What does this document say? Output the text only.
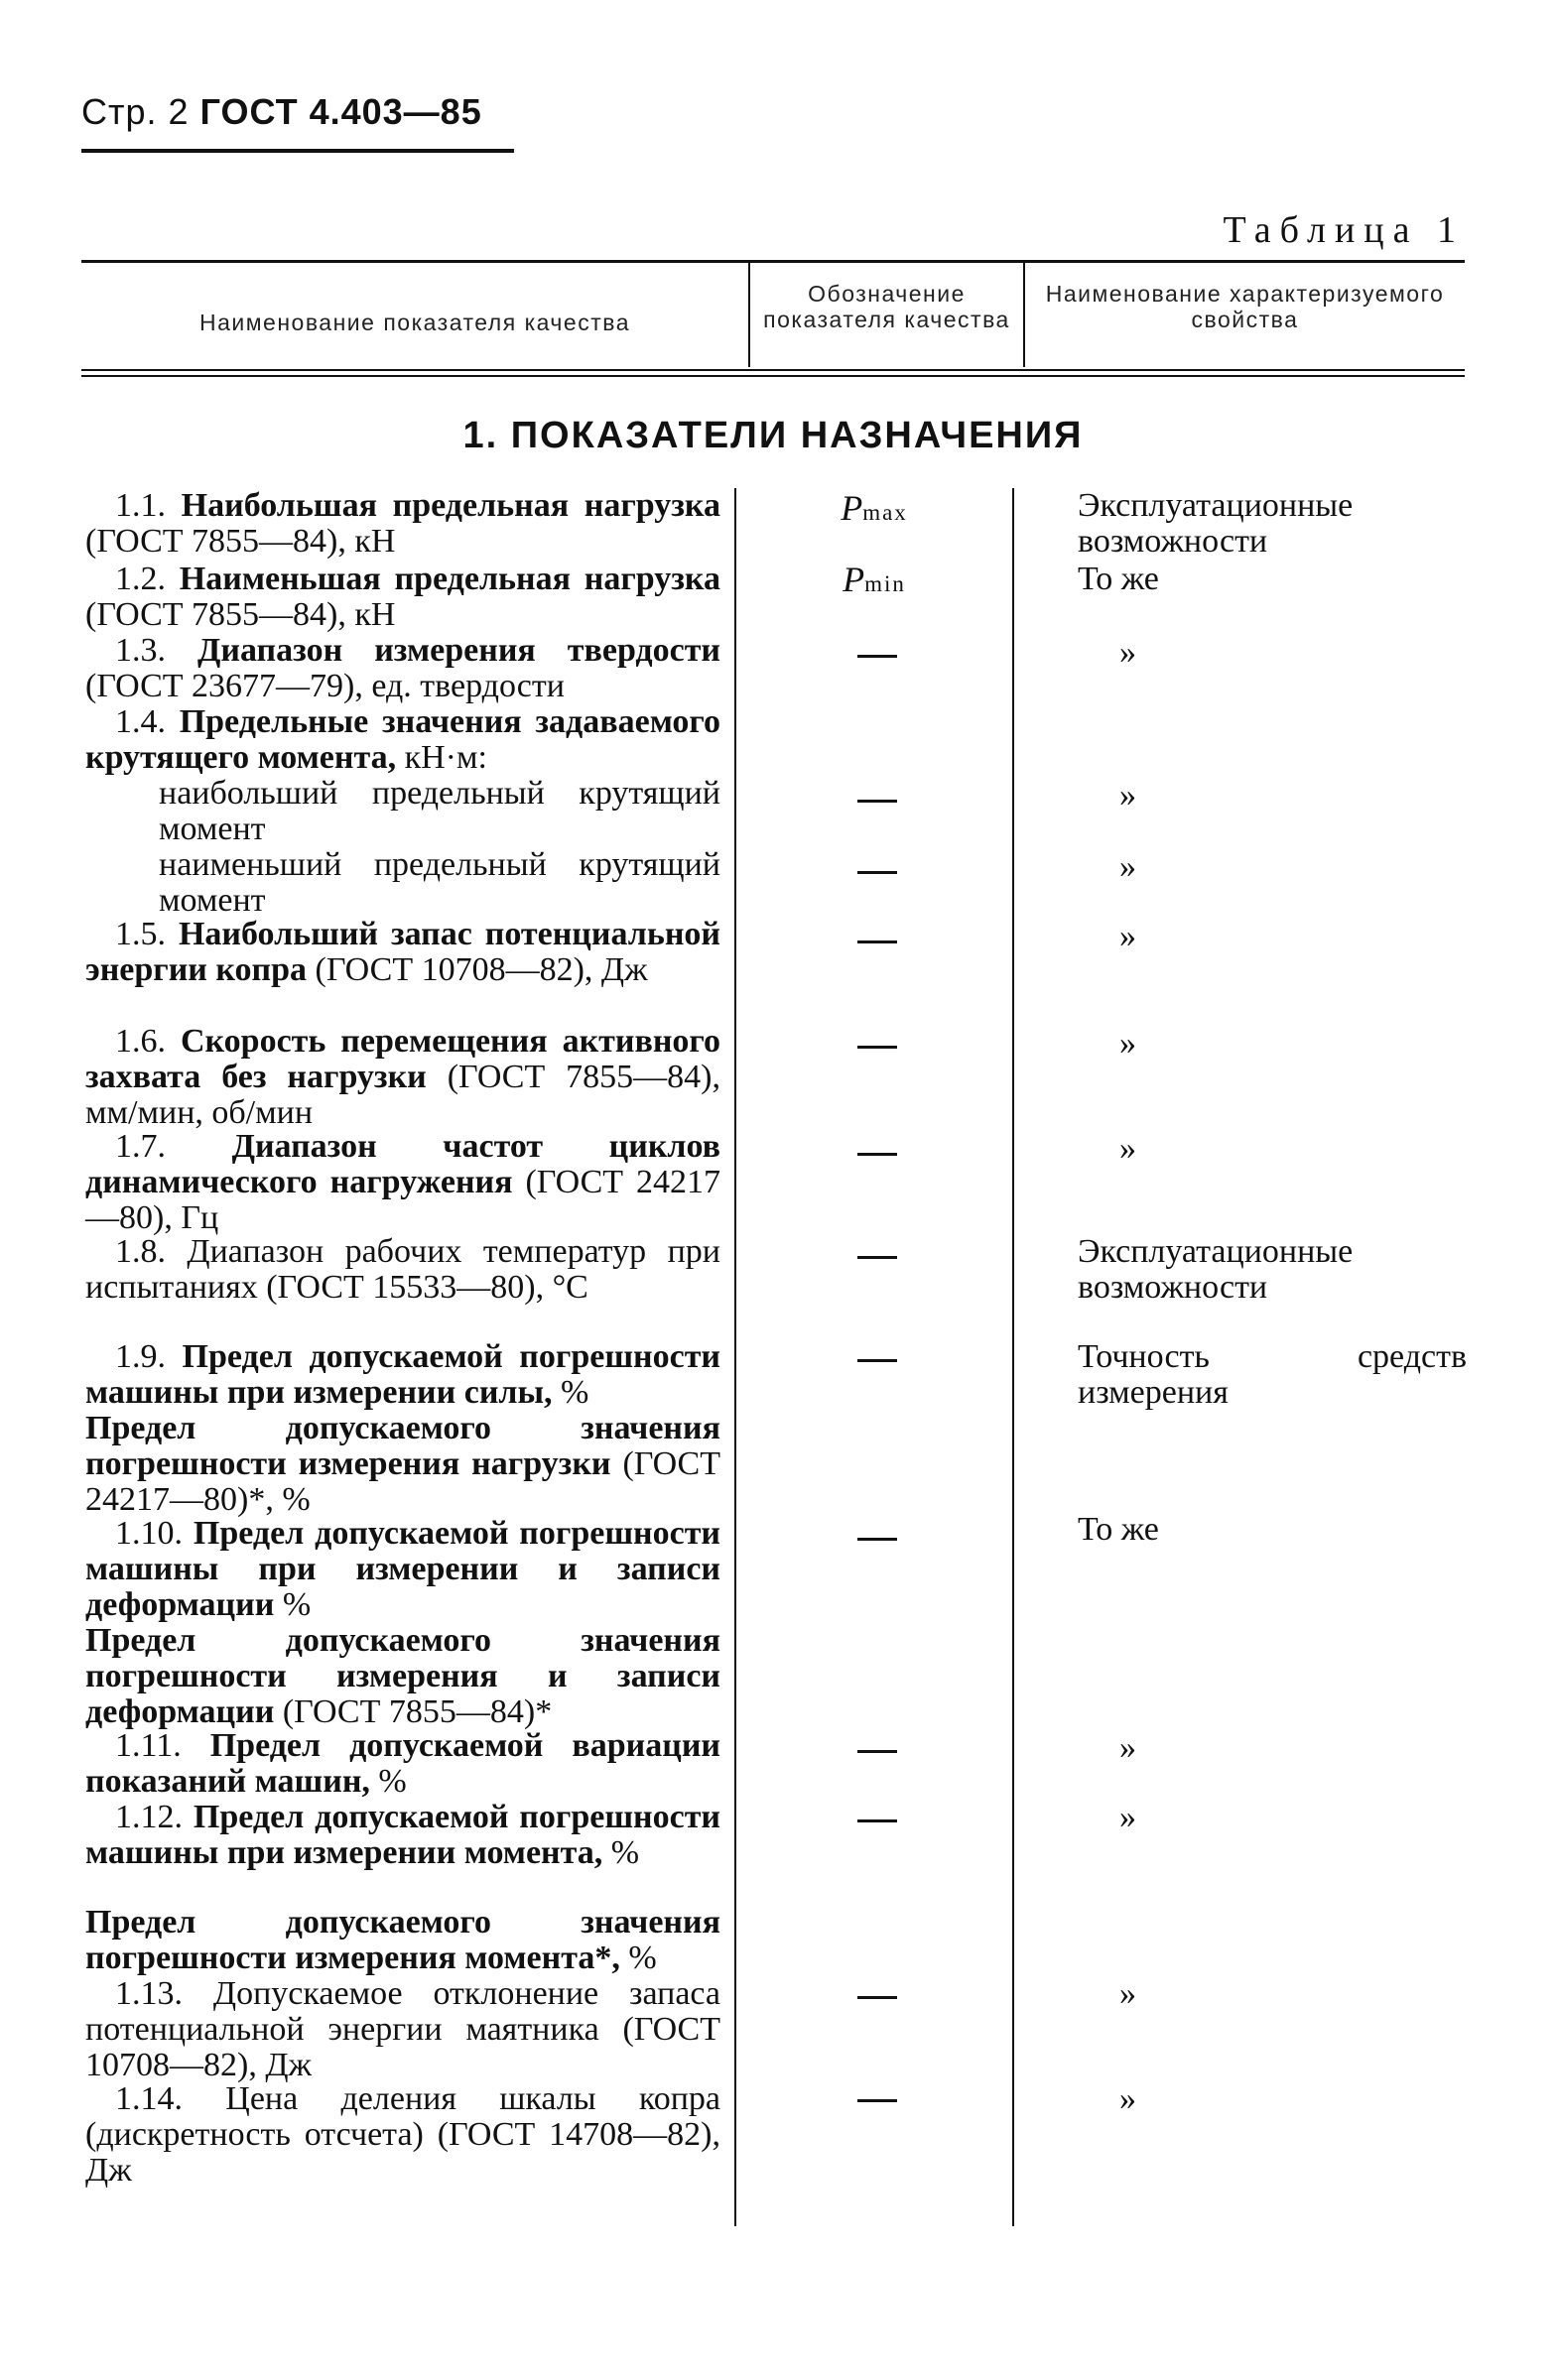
Стр. 2 ГОСТ 4.403—85
Таблица 1
Наименование показателя качества
Обозначение показателя качества
Наименование характеризуемого свойства
1. ПОКАЗАТЕЛИ НАЗНАЧЕНИЯ
1.1. Наибольшая предельная нагрузка (ГОСТ 7855—84), кН
Pmax	Эксплуатационные возможности
1.2. Наименьшая предельная нагрузка (ГОСТ 7855—84), кН
Pmin	То же
1.3. Диапазон измерения твердости (ГОСТ 23677—79), ед. твердости
»
1.4. Предельные значения задаваемого крутящего момента, кН·м:
наибольший предельный крутящий момент
»
наименьший предельный крутящий момент
»
1.5. Наибольший запас потенциальной энергии копра (ГОСТ 10708—82), Дж
»
1.6. Скорость перемещения активного захвата без нагрузки (ГОСТ 7855—84), мм/мин, об/мин
»
1.7. Диапазон частот циклов динамического нагружения (ГОСТ 24217—80), Гц
»
1.8. Диапазон рабочих температур при испытаниях (ГОСТ 15533—80), °С
Эксплуатационные возможности
1.9. Предел допускаемой погрешности машины при измерении силы, %
Точность средств измерения
Предел допускаемого значения погрешности измерения нагрузки (ГОСТ 24217—80)*, %
1.10. Предел допускаемой погрешности машины при измерении и записи деформации %
То же
Предел допускаемого значения погрешности измерения и записи деформации (ГОСТ 7855—84)*
1.11. Предел допускаемой вариации показаний машин, %
»
1.12. Предел допускаемой погрешности машины при измерении момента, %
»
Предел допускаемого значения погрешности измерения момента*, %
1.13. Допускаемое отклонение запаса потенциальной энергии маятника (ГОСТ 10708—82), Дж
»
1.14. Цена деления шкалы копра (дискретность отсчета) (ГОСТ 14708—82), Дж
»
